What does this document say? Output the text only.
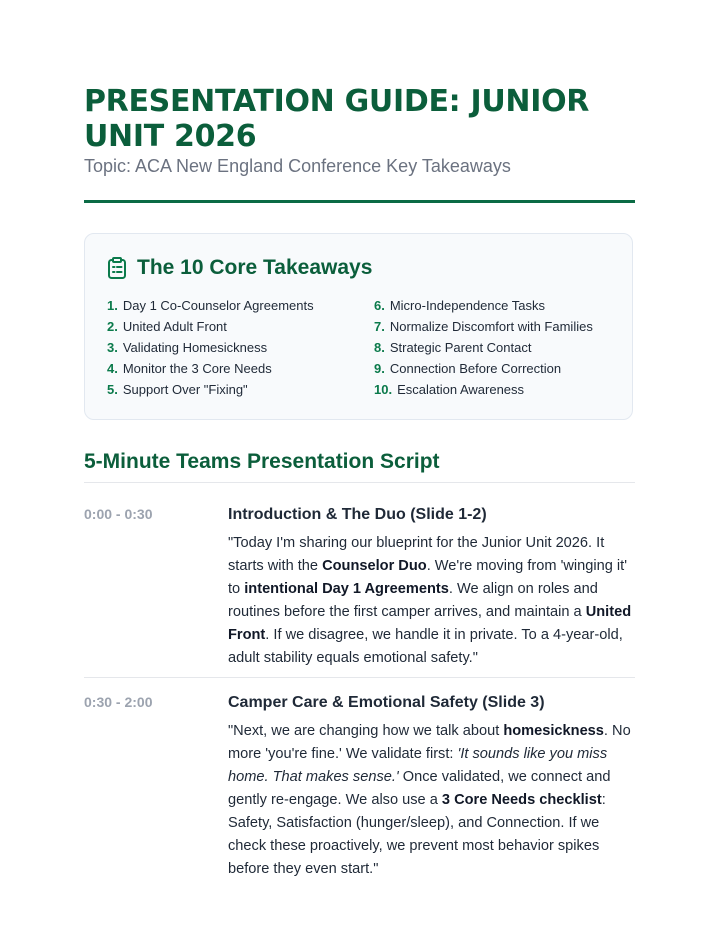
PRESENTATION GUIDE: JUNIOR UNIT 2026

Topic: ACA New England Conference Key Takeaways

The 10 Core Takeaways
1. Day 1 Co-Counselor Agreements
2. United Adult Front
3. Validating Homesickness
4. Monitor the 3 Core Needs
5. Support Over "Fixing"
6. Micro-Independence Tasks
7. Normalize Discomfort with Families
8. Strategic Parent Contact
9. Connection Before Correction
10. Escalation Awareness
5-Minute Teams Presentation Script
0:00 - 0:30	Introduction & The Duo (Slide 1-2)

"Today I'm sharing our blueprint for the Junior Unit 2026. It starts with the Counselor Duo. We're moving from 'winging it' to intentional Day 1 Agreements. We align on roles and routines before the first camper arrives, and maintain a United Front. If we disagree, we handle it in private. To a 4-year-old, adult stability equals emotional safety."

0:30 - 2:00	Camper Care & Emotional Safety (Slide 3)

"Next, we are changing how we talk about homesickness. No more 'you're fine.' We validate first: 'It sounds like you miss home. That makes sense.' Once validated, we connect and gently re-engage. We also use a 3 Core Needs checklist: Safety, Satisfaction (hunger/sleep), and Connection. If we check these proactively, we prevent most behavior spikes before they even start."
